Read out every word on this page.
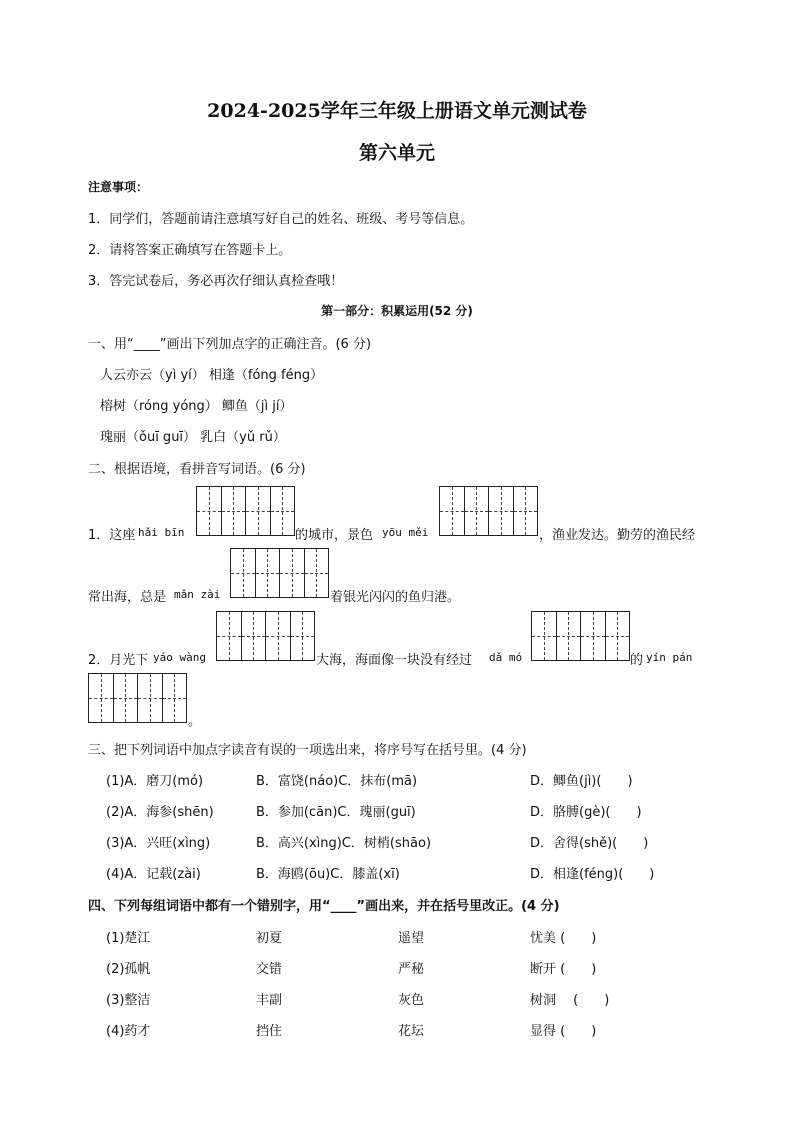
2024-2025学年三年级上册语文单元测试卷
第六单元
注意事项：
1．同学们，答题前请注意填写好自己的姓名、班级、考号等信息。
2．请将答案正确填写在答题卡上。
3．答完试卷后，务必再次仔细认真检查哦！
第一部分：积累运用(52 分)
一、用“____”画出下列加点字的正确注音。(6 分)
人云亦云（yì yí） 相逢（fóng féng）
榕树（róng yóng） 鲫鱼（jì jí）
瑰丽（ǒuī guī） 乳白（yǔ rǔ）
二、根据语境，看拼音写词语。(6 分)
1．这座 hǎi bīn	的城市，景色 yōu měi	，渔业发达。勤劳的渔民经
常出海，总是 mǎn zài	着银光闪闪的鱼归港。
2．月光下 yáo wàng	大海，海面像一块没有经过 dǎ mó	的 yín pán
。
三、把下列词语中加点字读音有误的一项选出来，将序号写在括号里。(4 分)
(1)A．磨刀(mó)	B．富饶(náo)C．抹布(mā)	D．鲫鱼(jì)(　　)
(2)A．海参(shēn)	B．参加(cān)C．瑰丽(guī)	D．胳膊(gè)(　　)
(3)A．兴旺(xìng)	B．高兴(xìng)C．树梢(shāo)	D．舍得(shě)(　　)
(4)A．记载(zài)	B．海鸥(ōu)C．膝盖(xī)	D．相逢(féng)(　　)
四、下列每组词语中都有一个错别字，用“____”画出来，并在括号里改正。(4 分)
(1)楚江	初夏	遥望	忧美 (　　)
(2)孤帆	交错	严秘	断开 (　　)
(3)整洁	丰副	灰色	树洞　 (　　)
(4)药才	挡住	花坛	显得 (　　)
